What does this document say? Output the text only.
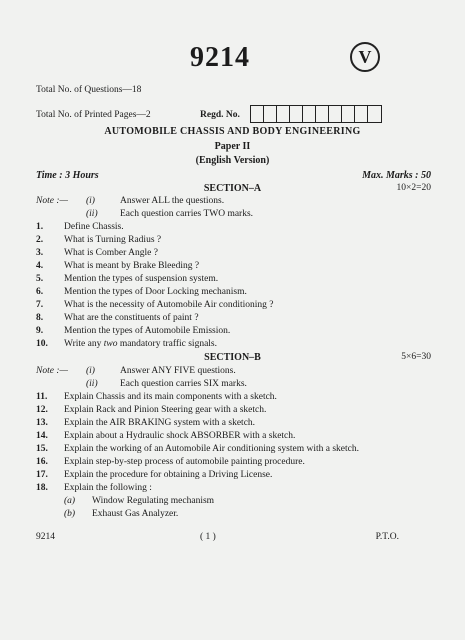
9214	V
Total No. of Questions—18
Total No. of Printed Pages—2	Regd. No.
AUTOMOBILE CHASSIS AND BODY ENGINEERING
Paper II
(English Version)
Time : 3 Hours	Max. Marks : 50
SECTION–A	10×2=20
Note :— (i)	Answer ALL the questions.
(ii) Each question carries TWO marks.
1. Define Chassis.
2. What is Turning Radius ?
3. What is Comber Angle ?
4. What is meant by Brake Bleeding ?
5. Mention the types of suspension system.
6. Mention the types of Door Locking mechanism.
7. What is the necessity of Automobile Air conditioning ?
8. What are the constituents of paint ?
9. Mention the types of Automobile Emission.
10. Write any two mandatory traffic signals.
SECTION–B	5×6=30
Note :— (i)	Answer ANY FIVE questions.
(ii) Each question carries SIX marks.
11. Explain Chassis and its main components with a sketch.
12. Explain Rack and Pinion Steering gear with a sketch.
13. Explain the AIR BRAKING system with a sketch.
14. Explain about a Hydraulic shock ABSORBER with a sketch.
15. Explain the working of an Automobile Air conditioning system with a sketch.
16. Explain step-by-step process of automobile painting procedure.
17. Explain the procedure for obtaining a Driving License.
18. Explain the following :
(a) Window Regulating mechanism
(b) Exhaust Gas Analyzer.
9214	( 1 )	P.T.O.
